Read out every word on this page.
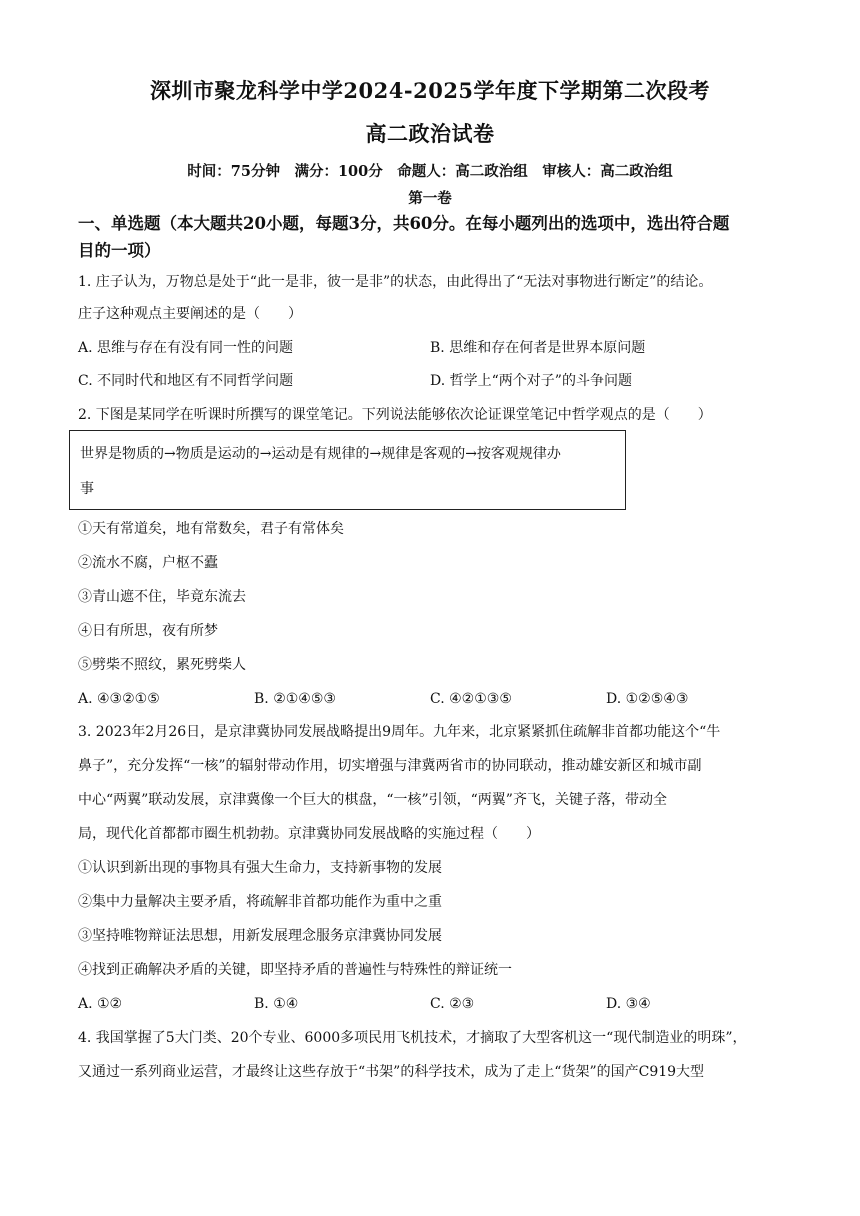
深圳市聚龙科学中学2024-2025学年度下学期第二次段考
高二政治试卷
时间：75分钟　满分：100分　命题人：高二政治组　审核人：高二政治组
第一卷
一、单选题（本大题共20小题，每题3分，共60分。在每小题列出的选项中，选出符合题
目的一项）
1. 庄子认为，万物总是处于“此一是非，彼一是非”的状态，由此得出了“无法对事物进行断定”的结论。
庄子这种观点主要阐述的是（　　）
A. 思维与存在有没有同一性的问题	B. 思维和存在何者是世界本原问题
C. 不同时代和地区有不同哲学问题	D. 哲学上“两个对子”的斗争问题
2. 下图是某同学在听课时所撰写的课堂笔记。下列说法能够依次论证课堂笔记中哲学观点的是（　　）
世界是物质的→物质是运动的→运动是有规律的→规律是客观的→按客观规律办
事
①天有常道矣，地有常数矣，君子有常体矣
②流水不腐，户枢不蠹
③青山遮不住，毕竟东流去
④日有所思，夜有所梦
⑤劈柴不照纹，累死劈柴人
A. ④③②①⑤	B. ②①④⑤③	C. ④②①③⑤	D. ①②⑤④③
3. 2023年2月26日，是京津冀协同发展战略提出9周年。九年来，北京紧紧抓住疏解非首都功能这个“牛
鼻子”，充分发挥“一核”的辐射带动作用，切实增强与津冀两省市的协同联动，推动雄安新区和城市副
中心“两翼”联动发展，京津冀像一个巨大的棋盘，“一核”引领，“两翼”齐飞，关键子落，带动全
局，现代化首都都市圈生机勃勃。京津冀协同发展战略的实施过程（　　）
①认识到新出现的事物具有强大生命力，支持新事物的发展
②集中力量解决主要矛盾，将疏解非首都功能作为重中之重
③坚持唯物辩证法思想，用新发展理念服务京津冀协同发展
④找到正确解决矛盾的关键，即坚持矛盾的普遍性与特殊性的辩证统一
A. ①②	B. ①④	C. ②③	D. ③④
4. 我国掌握了5大门类、20个专业、6000多项民用飞机技术，才摘取了大型客机这一“现代制造业的明珠”，
又通过一系列商业运营，才最终让这些存放于“书架”的科学技术，成为了走上“货架”的国产C919大型
